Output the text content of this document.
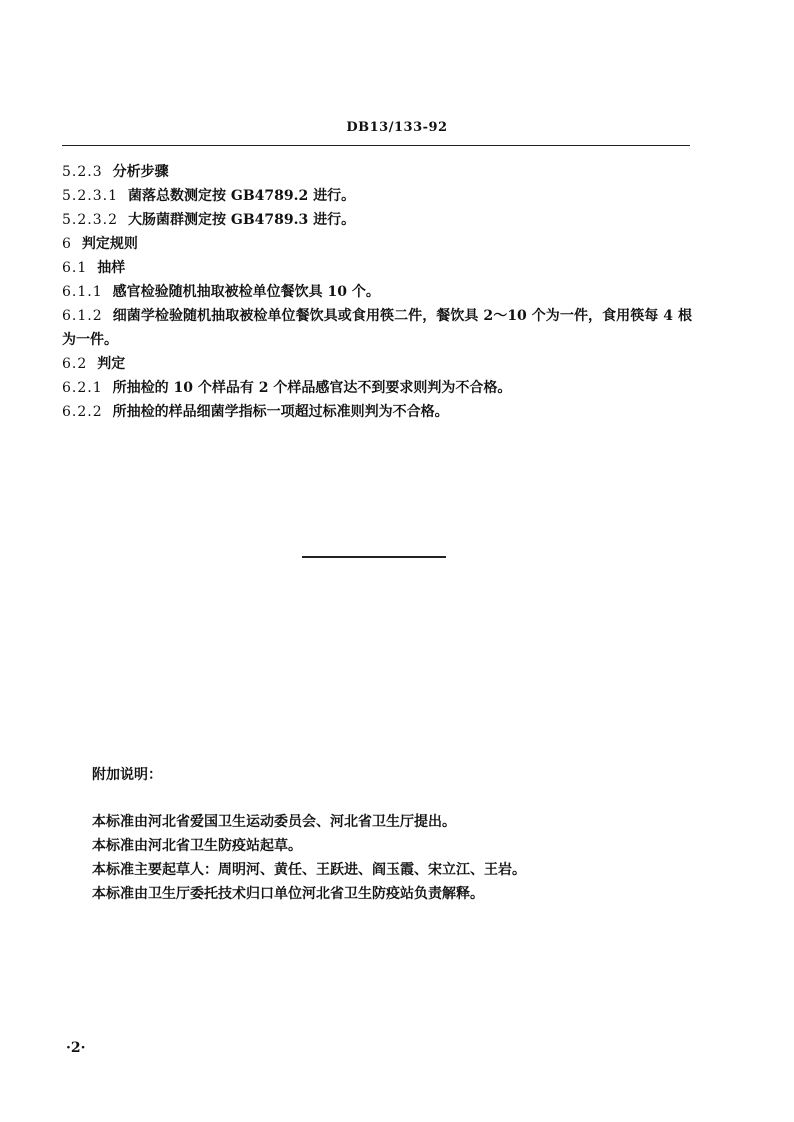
DB13/133-92
5.2.3 分析步骤
5.2.3.1 菌落总数测定按 GB4789.2 进行。
5.2.3.2 大肠菌群测定按 GB4789.3 进行。
6 判定规则
6.1 抽样
6.1.1 感官检验随机抽取被检单位餐饮具 10 个。
6.1.2 细菌学检验随机抽取被检单位餐饮具或食用筷二件，餐饮具 2～10 个为一件，食用筷每 4 根为一件。
6.2 判定
6.2.1 所抽检的 10 个样品有 2 个样品感官达不到要求则判为不合格。
6.2.2 所抽检的样品细菌学指标一项超过标准则判为不合格。
附加说明：
本标准由河北省爱国卫生运动委员会、河北省卫生厅提出。
本标准由河北省卫生防疫站起草。
本标准主要起草人：周明河、黄任、王跃进、阎玉霞、宋立江、王岩。
本标准由卫生厅委托技术归口单位河北省卫生防疫站负责解释。
·2·
